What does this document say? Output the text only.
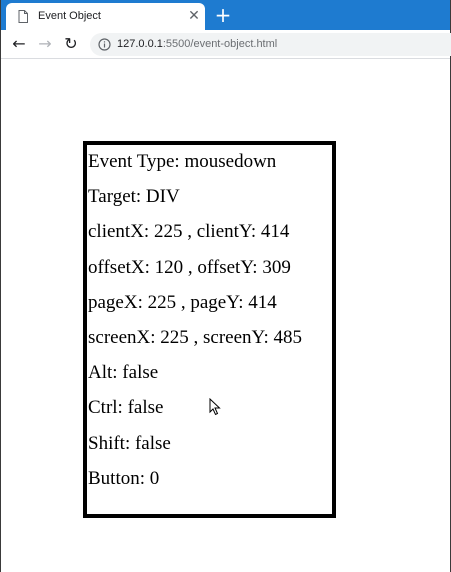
Event Object	✕ +
← → ↻	127.0.0.1:5500/event-object.html
Event Type: mousedown
Target: DIV
clientX: 225 , clientY: 414
offsetX: 120 , offsetY: 309
pageX: 225 , pageY: 414
screenX: 225 , screenY: 485
Alt: false
Ctrl: false
Shift: false
Button: 0
